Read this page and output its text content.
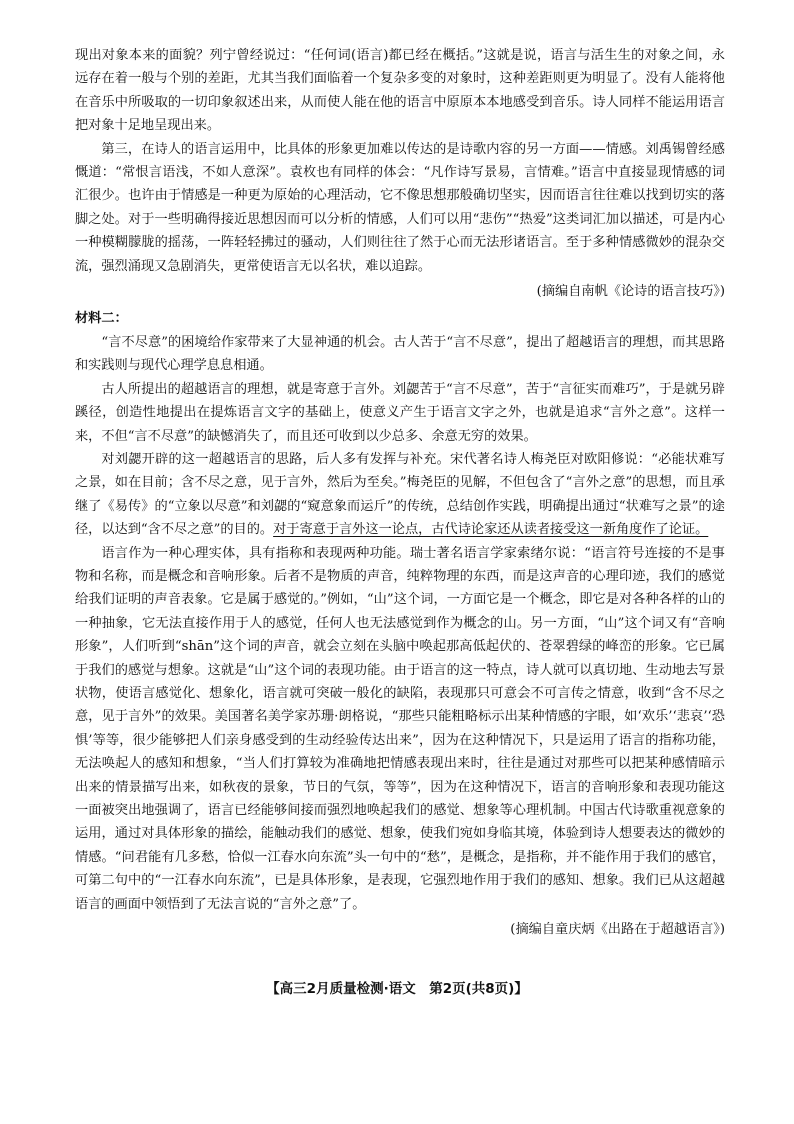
现出对象本来的面貌？列宁曾经说过：“任何词(语言)都已经在概括。”这就是说，语言与活生生的对象之间，永远存在着一般与个别的差距，尤其当我们面临着一个复杂多变的对象时，这种差距则更为明显了。没有人能将他在音乐中所吸取的一切印象叙述出来，从而使人能在他的语言中原原本本地感受到音乐。诗人同样不能运用语言把对象十足地呈现出来。

第三，在诗人的语言运用中，比具体的形象更加难以传达的是诗歌内容的另一方面——情感。刘禹锡曾经感慨道：“常恨言语浅，不如人意深”。袁枚也有同样的体会：“凡作诗写景易，言情难。”语言中直接显现情感的词汇很少。也许由于情感是一种更为原始的心理活动，它不像思想那般确切坚实，因而语言往往难以找到切实的落脚之处。对于一些明确得接近思想因而可以分析的情感，人们可以用“悲伤”“热爱”这类词汇加以描述，可是内心一种模糊朦胧的摇荡，一阵轻轻拂过的骚动，人们则往往了然于心而无法形诸语言。至于多种情感微妙的混杂交流，强烈涌现又急剧消失，更常使语言无以名状，难以追踪。

(摘编自南帆《论诗的语言技巧》)

材料二：

“言不尽意”的困境给作家带来了大显神通的机会。古人苦于“言不尽意”，提出了超越语言的理想，而其思路和实践则与现代心理学息息相通。

古人所提出的超越语言的理想，就是寄意于言外。刘勰苦于“言不尽意”，苦于“言征实而难巧”，于是就另辟蹊径，创造性地提出在提炼语言文字的基础上，使意义产生于语言文字之外，也就是追求“言外之意”。这样一来，不但“言不尽意”的缺憾消失了，而且还可收到以少总多、余意无穷的效果。

对刘勰开辟的这一超越语言的思路，后人多有发挥与补充。宋代著名诗人梅尧臣对欧阳修说：“必能状难写之景，如在目前；含不尽之意，见于言外，然后为至矣。”梅尧臣的见解，不但包含了“言外之意”的思想，而且承继了《易传》的“立象以尽意”和刘勰的“窥意象而运斤”的传统，总结创作实践，明确提出通过“状难写之景”的途径，以达到“含不尽之意”的目的。对于寄意于言外这一论点，古代诗论家还从读者接受这一新角度作了论证。

语言作为一种心理实体，具有指称和表现两种功能。瑞士著名语言学家索绪尔说：“语言符号连接的不是事物和名称，而是概念和音响形象。后者不是物质的声音，纯粹物理的东西，而是这声音的心理印迹，我们的感觉给我们证明的声音表象。它是属于感觉的。”例如，“山”这个词，一方面它是一个概念，即它是对各种各样的山的一种抽象，它无法直接作用于人的感觉，任何人也无法感觉到作为概念的山。另一方面，“山”这个词又有“音响形象”，人们听到“shān”这个词的声音，就会立刻在头脑中唤起那高低起伏的、苍翠碧绿的峰峦的形象。它已属于我们的感觉与想象。这就是“山”这个词的表现功能。由于语言的这一特点，诗人就可以真切地、生动地去写景状物，使语言感觉化、想象化，语言就可突破一般化的缺陷，表现那只可意会不可言传之情意，收到“含不尽之意，见于言外”的效果。美国著名美学家苏珊·朗格说，“那些只能粗略标示出某种情感的字眼，如‘欢乐’‘悲哀’‘恐惧’等等，很少能够把人们亲身感受到的生动经验传达出来”，因为在这种情况下，只是运用了语言的指称功能，无法唤起人的感知和想象，“当人们打算较为准确地把情感表现出来时，往往是通过对那些可以把某种感情暗示出来的情景描写出来，如秋夜的景象，节日的气氛，等等”，因为在这种情况下，语言的音响形象和表现功能这一面被突出地强调了，语言已经能够间接而强烈地唤起我们的感觉、想象等心理机制。中国古代诗歌重视意象的运用，通过对具体形象的描绘，能触动我们的感觉、想象，使我们宛如身临其境，体验到诗人想要表达的微妙的情感。“问君能有几多愁，恰似一江春水向东流”头一句中的“愁”，是概念，是指称，并不能作用于我们的感官，可第二句中的“一江春水向东流”，已是具体形象，是表现，它强烈地作用于我们的感知、想象。我们已从这超越语言的画面中领悟到了无法言说的“言外之意”了。

(摘编自童庆炳《出路在于超越语言》)

【高三2月质量检测·语文　第2页(共8页)】
